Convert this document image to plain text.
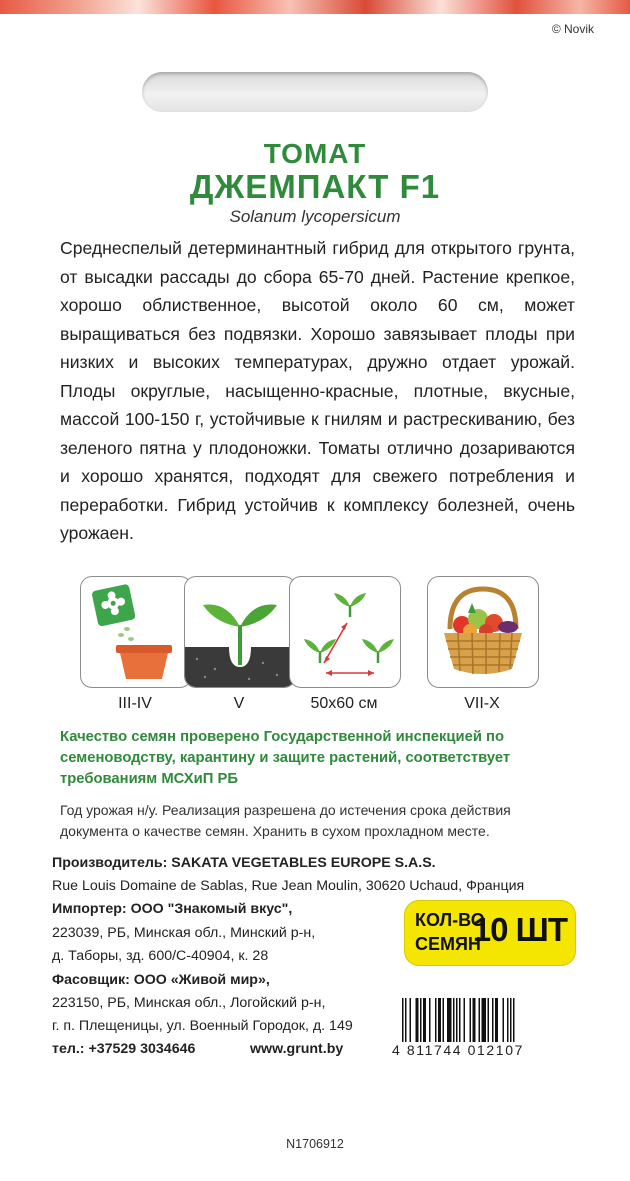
© Novik
ТОМАТ
ДЖЕМПАКТ F1
Solanum lycopersicum
Среднеспелый детерминантный гибрид для открытого грунта, от высадки рассады до сбора 65-70 дней. Растение крепкое, хорошо облиственное, высотой около 60 см, может выращиваться без подвязки. Хорошо завязывает плоды при низких и высоких температурах, дружно отдает урожай. Плоды округлые, насыщенно-красные, плотные, вкусные, массой 100-150 г, устойчивые к гнилям и растрескиванию, без зеленого пятна у плодоножки. Томаты отлично дозариваются и хорошо хранятся, подходят для свежего потребления и переработки. Гибрид устойчив к комплексу болезней, очень урожаен.
III-IV	V	50x60 см	VII-X
Качество семян проверено Государственной инспекцией по семеноводству, карантину и защите растений, соответствует требованиям МСХиП РБ
Год урожая н/у. Реализация разрешена до истечения срока действия документа о качестве семян. Хранить в сухом прохладном месте.
Производитель: SAKATA VEGETABLES EUROPE S.A.S.
Rue Louis Domaine de Sablas, Rue Jean Moulin, 30620 Uchaud, Франция
Импортер: ООО "Знакомый вкус",
223039, РБ, Минская обл., Минский р-н,
д. Таборы, зд. 600/С-40904, к. 28
Фасовщик: ООО «Живой мир»,
223150, РБ, Минская обл., Логойский р-н,
г. п. Плещеницы, ул. Военный Городок, д. 149
тел.: +37529 3034646	www.grunt.by
КОЛ-ВО
СЕМЯН
10 ШТ
4 811744 012107
N1706912
